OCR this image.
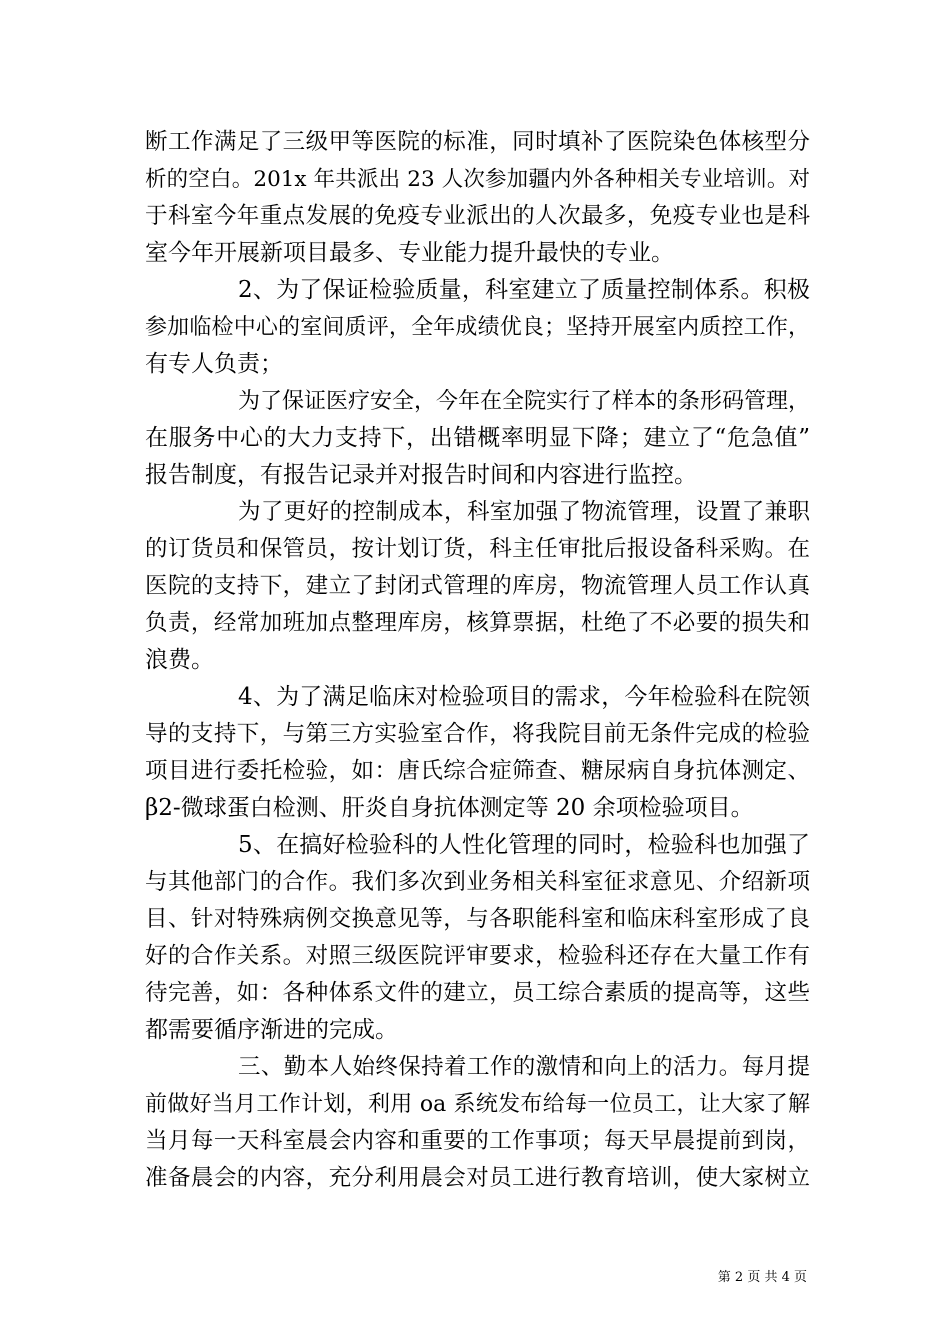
断工作满足了三级甲等医院的标准，同时填补了医院染色体核型分
析的空白。201x 年共派出 23 人次参加疆内外各种相关专业培训。对
于科室今年重点发展的免疫专业派出的人次最多，免疫专业也是科
室今年开展新项目最多、专业能力提升最快的专业。
2、为了保证检验质量，科室建立了质量控制体系。积极
参加临检中心的室间质评，全年成绩优良；坚持开展室内质控工作，
有专人负责；
为了保证医疗安全，今年在全院实行了样本的条形码管理，
在服务中心的大力支持下，出错概率明显下降；建立了“危急值”
报告制度，有报告记录并对报告时间和内容进行监控。
为了更好的控制成本，科室加强了物流管理，设置了兼职
的订货员和保管员，按计划订货，科主任审批后报设备科采购。在
医院的支持下，建立了封闭式管理的库房，物流管理人员工作认真
负责，经常加班加点整理库房，核算票据，杜绝了不必要的损失和
浪费。
4、为了满足临床对检验项目的需求，今年检验科在院领
导的支持下，与第三方实验室合作，将我院目前无条件完成的检验
项目进行委托检验，如：唐氏综合症筛查、糖尿病自身抗体测定、
β2-微球蛋白检测、肝炎自身抗体测定等 20 余项检验项目。
5、在搞好检验科的人性化管理的同时，检验科也加强了
与其他部门的合作。我们多次到业务相关科室征求意见、介绍新项
目、针对特殊病例交换意见等，与各职能科室和临床科室形成了良
好的合作关系。对照三级医院评审要求，检验科还存在大量工作有
待完善，如：各种体系文件的建立，员工综合素质的提高等，这些
都需要循序渐进的完成。
三、勤本人始终保持着工作的激情和向上的活力。每月提
前做好当月工作计划，利用 oa 系统发布给每一位员工，让大家了解
当月每一天科室晨会内容和重要的工作事项；每天早晨提前到岗，
准备晨会的内容，充分利用晨会对员工进行教育培训，使大家树立
第 2 页 共 4 页
